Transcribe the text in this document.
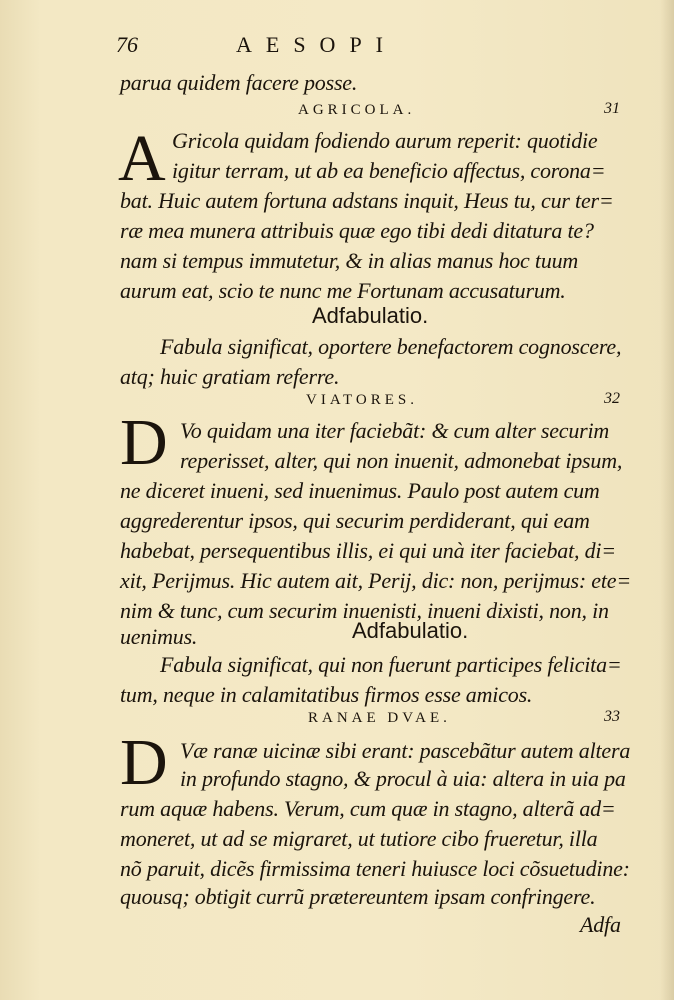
76	AESOPI
parua quidem facere posse.
AGRICOLA.	31
A Gricola quidam fodiendo aurum reperit: quotidie
igitur terram, ut ab ea beneficio affectus, corona=
bat. Huic autem fortuna adstans inquit, Heus tu, cur ter=
ræ mea munera attribuis quæ ego tibi dedi ditatura te?
nam si tempus immutetur, & in alias manus hoc tuum
aurum eat, scio te nunc me Fortunam accusaturum.
Adfabulatio.
Fabula significat, oportere benefactorem cognoscere,
atq; huic gratiam referre.
VIATORES.	32
D Vo quidam una iter faciebãt: & cum alter securim
reperisset, alter, qui non inuenit, admonebat ipsum,
ne diceret inueni, sed inuenimus. Paulo post autem cum
aggrederentur ipsos, qui securim perdiderant, qui eam
habebat, persequentibus illis, ei qui unà iter faciebat, di=
xit, Perijmus. Hic autem ait, Perij, dic: non, perijmus: ete=
nim & tunc, cum securim inuenisti, inueni dixisti, non, in
uenimus.	Adfabulatio.
Fabula significat, qui non fuerunt participes felicita=
tum, neque in calamitatibus firmos esse amicos.
RANAE DVAE.	33
D Væ ranæ uicinæ sibi erant: pascebãtur autem altera
in profundo stagno, & procul à uia: altera in uia pa
rum aquæ habens. Verum, cum quæ in stagno, alterã ad=
moneret, ut ad se migraret, ut tutiore cibo frueretur, illa
nõ paruit, dicẽs firmissima teneri huiusce loci cõsuetudine:
quousq; obtigit currũ prætereuntem ipsam confringere.
Adfa
